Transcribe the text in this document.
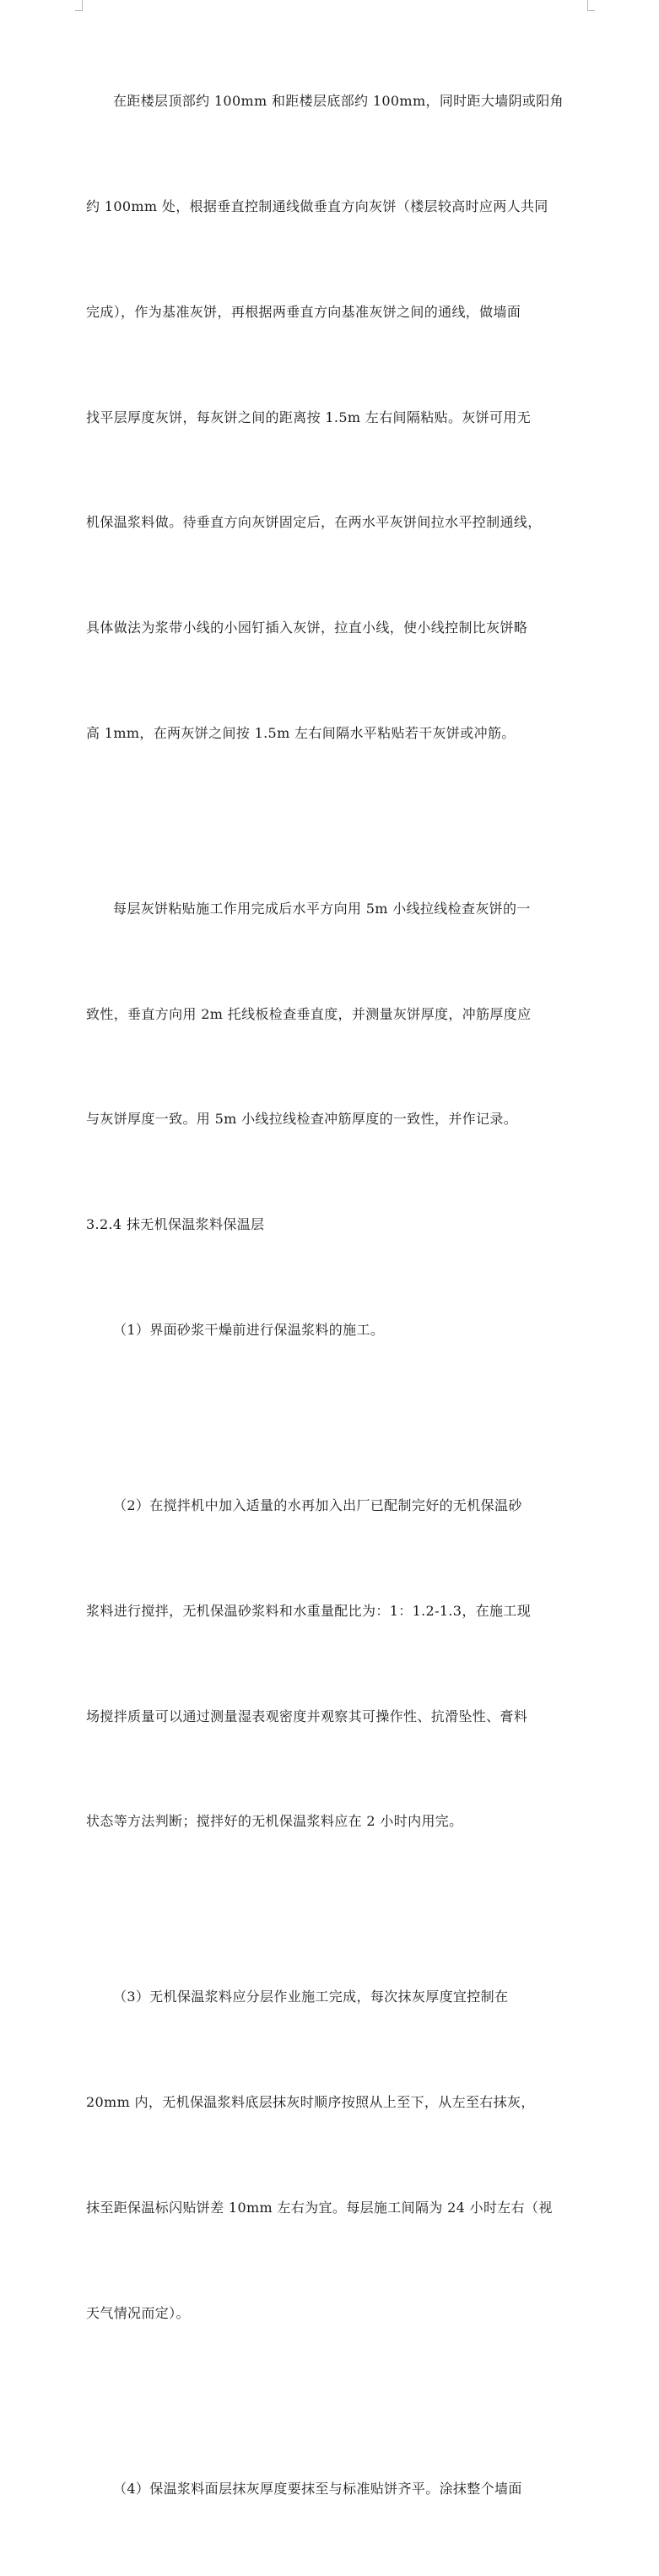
在距楼层顶部约 100mm 和距楼层底部约 100mm，同时距大墙阴或阳角

约 100mm 处，根据垂直控制通线做垂直方向灰饼（楼层较高时应两人共同

完成），作为基准灰饼，再根据两垂直方向基准灰饼之间的通线，做墙面

找平层厚度灰饼，每灰饼之间的距离按 1.5m 左右间隔粘贴。灰饼可用无

机保温浆料做。待垂直方向灰饼固定后，在两水平灰饼间拉水平控制通线，

具体做法为浆带小线的小园钉插入灰饼，拉直小线，使小线控制比灰饼略

高 1mm，在两灰饼之间按 1.5m 左右间隔水平粘贴若干灰饼或冲筋。

每层灰饼粘贴施工作用完成后水平方向用 5m 小线拉线检查灰饼的一

致性，垂直方向用 2m 托线板检查垂直度，并测量灰饼厚度，冲筋厚度应

与灰饼厚度一致。用 5m 小线拉线检查冲筋厚度的一致性，并作记录。

3.2.4 抹无机保温浆料保温层

（1）界面砂浆干燥前进行保温浆料的施工。

（2）在搅拌机中加入适量的水再加入出厂已配制完好的无机保温砂

浆料进行搅拌，无机保温砂浆料和水重量配比为：1：1.2-1.3，在施工现

场搅拌质量可以通过测量湿表观密度并观察其可操作性、抗滑坠性、膏料

状态等方法判断；搅拌好的无机保温浆料应在 2 小时内用完。

（3）无机保温浆料应分层作业施工完成，每次抹灰厚度宜控制在

20mm 内，无机保温浆料底层抹灰时顺序按照从上至下，从左至右抹灰，

抹至距保温标闪贴饼差 10mm 左右为宜。每层施工间隔为 24 小时左右（视

天气情况而定）。

（4）保温浆料面层抹灰厚度要抹至与标准贴饼齐平。涂抹整个墙面
